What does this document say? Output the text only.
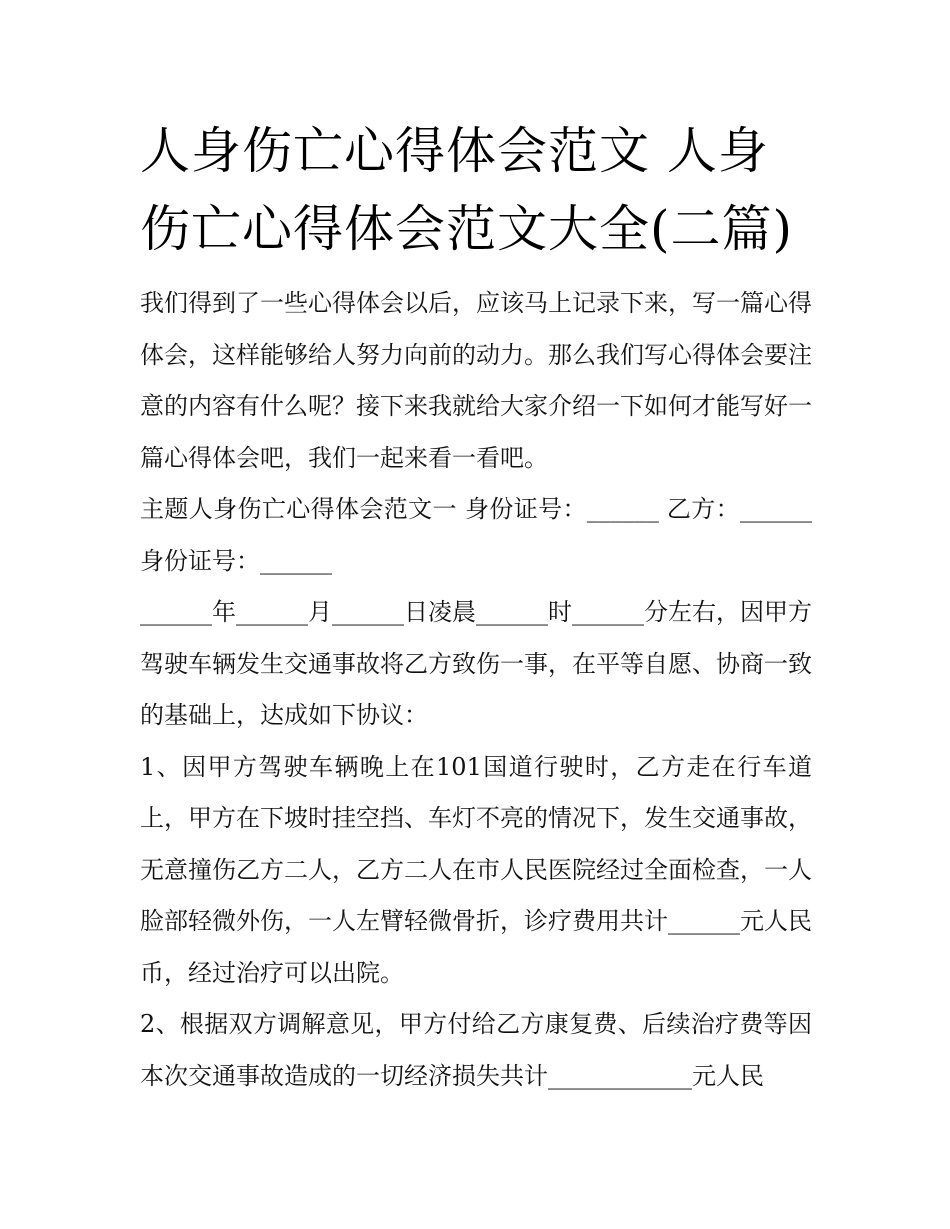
人身伤亡心得体会范文 人身伤亡心得体会范文大全(二篇)

我们得到了一些心得体会以后，应该马上记录下来，写一篇心得体会，这样能够给人努力向前的动力。那么我们写心得体会要注意的内容有什么呢？接下来我就给大家介绍一下如何才能写好一篇心得体会吧，我们一起来看一看吧。

主题人身伤亡心得体会范文一 身份证号：______ 乙方：______ 身份证号：______

______年______月______日凌晨______时______分左右，因甲方驾驶车辆发生交通事故将乙方致伤一事，在平等自愿、协商一致的基础上，达成如下协议：

1、因甲方驾驶车辆晚上在101国道行驶时，乙方走在行车道上，甲方在下坡时挂空挡、车灯不亮的情况下，发生交通事故，无意撞伤乙方二人，乙方二人在市人民医院经过全面检查，一人脸部轻微外伤，一人左臂轻微骨折，诊疗费用共计______元人民币，经过治疗可以出院。

2、根据双方调解意见，甲方付给乙方康复费、后续治疗费等因本次交通事故造成的一切经济损失共计____________元人民
